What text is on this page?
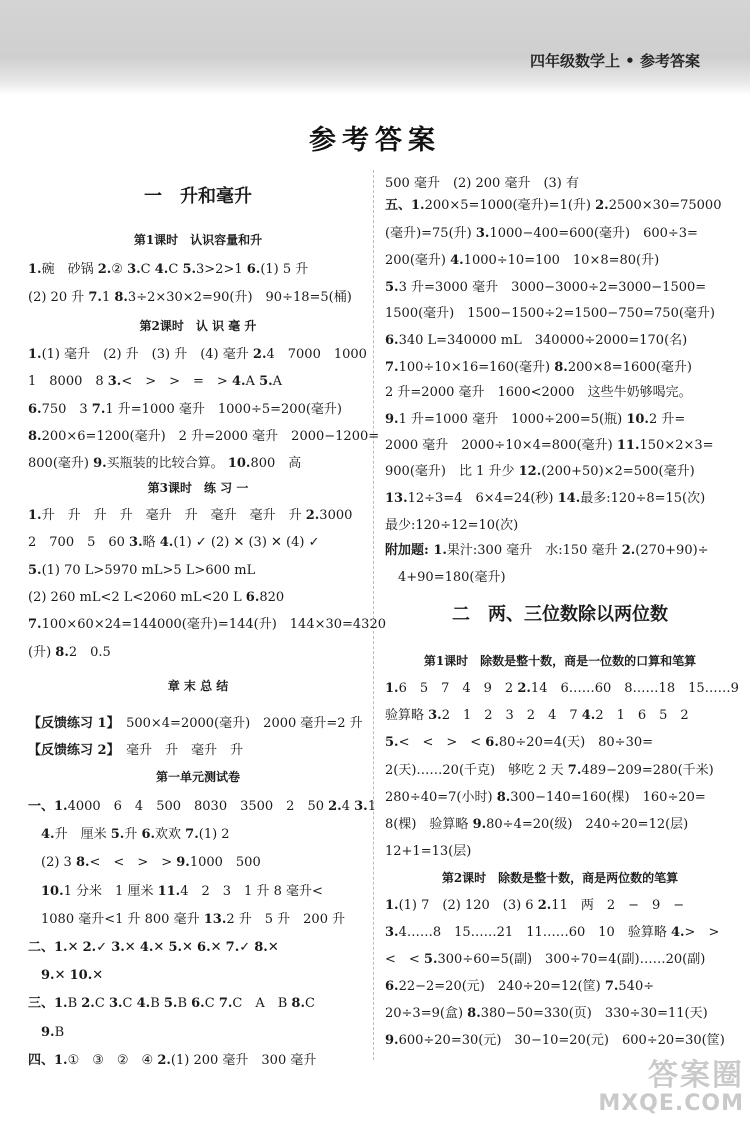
四年级数学上 • 参考答案
参考答案
一　升和毫升
第1课时　认识容量和升
1.碗　砂锅 2.② 3.C 4.C 5.3>2>1 6.(1) 5 升
(2) 20 升 7.1 8.3÷2×30×2=90(升)　90÷18=5(桶)
第2课时　认 识 毫 升
1.(1) 毫升　(2) 升　(3) 升　(4) 毫升 2.4　7000　1000
1　8000　8 3.<　>　>　=　> 4.A 5.A
6.750　3 7.1 升=1000 毫升　1000÷5=200(毫升)
8.200×6=1200(毫升)　2 升=2000 毫升　2000−1200=
800(毫升) 9.买瓶装的比较合算。 10.800　高
第3课时　练 习 一
1.升　升　升　升　毫升　升　毫升　毫升　升 2.3000
2　700　5　60 3.略 4.(1) ✓ (2) ✕ (3) ✕ (4) ✓
5.(1) 70 L>5970 mL>5 L>600 mL
(2) 260 mL<2 L<2060 mL<20 L 6.820
7.100×60×24=144000(毫升)=144(升)　144×30=4320
(升) 8.2　0.5
章 末 总 结
【反馈练习 1】　500×4=2000(毫升)　2000 毫升=2 升
【反馈练习 2】　毫升　升　毫升　升
第一单元测试卷
一、1.4000　6　4　500　8030　3500　2　50 2.4 3.1
　4.升　厘米 5.升 6.欢欢 7.(1) 2
　(2) 3 8.<　<　>　> 9.1000　500
　10.1 分米　1 厘米 11.4　2　3　1 升 8 毫升<
　1080 毫升<1 升 800 毫升 13.2 升　5 升　200 升
二、1.✕ 2.✓ 3.✕ 4.✕ 5.✕ 6.✕ 7.✓ 8.✕
　9.✕ 10.✕
三、1.B 2.C 3.C 4.B 5.B 6.C 7.C　A　B 8.C
　9.B
四、1.①　③　②　④ 2.(1) 200 毫升　300 毫升
500 毫升　(2) 200 毫升　(3) 有
五、1.200×5=1000(毫升)=1(升) 2.2500×30=75000
(毫升)=75(升) 3.1000−400=600(毫升)　600÷3=
200(毫升) 4.1000÷10=100　10×8=80(升)
5.3 升=3000 毫升　3000−3000÷2=3000−1500=
1500(毫升)　1500−1500÷2=1500−750=750(毫升)
6.340 L=340000 mL　340000÷2000=170(名)
7.100÷10×16=160(毫升) 8.200×8=1600(毫升)
2 升=2000 毫升　1600<2000　这些牛奶够喝完。
9.1 升=1000 毫升　1000÷200=5(瓶) 10.2 升=
2000 毫升　2000÷10×4=800(毫升) 11.150×2×3=
900(毫升)　比 1 升少 12.(200+50)×2=500(毫升)
13.12÷3=4　6×4=24(秒) 14.最多:120÷8=15(次)
最少:120÷12=10(次)
附加题: 1.果汁:300 毫升　水:150 毫升 2.(270+90)÷
　4+90=180(毫升)
二　两、三位数除以两位数
第1课时　除数是整十数，商是一位数的口算和笔算
1.6　5　7　4　9　2 2.14　6……60　8……18　15……9
验算略 3.2　1　2　3　2　4　7 4.2　1　6　5　2
5.<　<　>　< 6.80÷20=4(天)　80÷30=
2(天)……20(千克)　够吃 2 天 7.489−209=280(千米)
280÷40=7(小时) 8.300−140=160(棵)　160÷20=
8(棵)　验算略 9.80÷4=20(级)　240÷20=12(层)
12+1=13(层)
第2课时　除数是整十数，商是两位数的笔算
1.(1) 7　(2) 120　(3) 6 2.11　两　2　−　9　−
3.4……8　15……21　11……60　10　验算略 4.>　>
<　< 5.300÷60=5(副)　300÷70=4(副)……20(副)
6.22−2=20(元)　240÷20=12(筐) 7.540÷
20÷3=9(盒) 8.380−50=330(页)　330÷30=11(天)
9.600÷20=30(元)　30−10=20(元)　600÷20=30(筐)
答案圈
MXQE.COM
